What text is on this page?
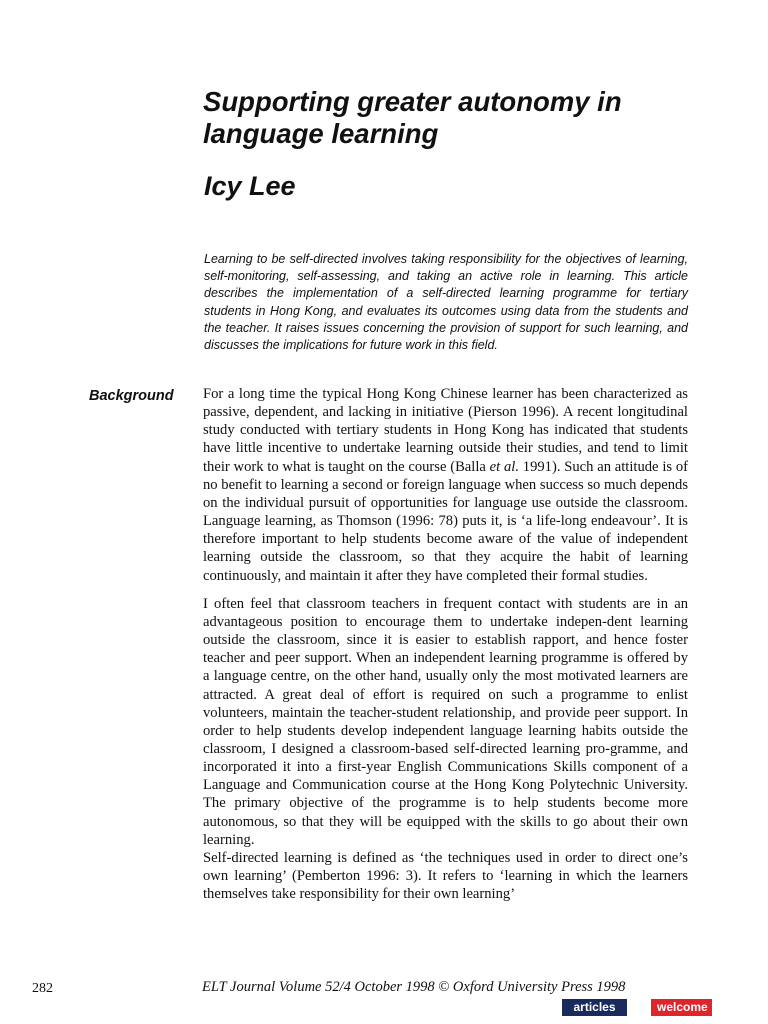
Supporting greater autonomy in language learning
Icy Lee

Learning to be self-directed involves taking responsibility for the objectives of learning, self-monitoring, self-assessing, and taking an active role in learning. This article describes the implementation of a self-directed learning programme for tertiary students in Hong Kong, and evaluates its outcomes using data from the students and the teacher. It raises issues concerning the provision of support for such learning, and discusses the implications for future work in this field.

Background For a long time the typical Hong Kong Chinese learner has been characterized as passive, dependent, and lacking in initiative (Pierson 1996). A recent longitudinal study conducted with tertiary students in Hong Kong has indicated that students have little incentive to undertake learning outside their studies, and tend to limit their work to what is taught on the course (Balla et al. 1991). Such an attitude is of no benefit to learning a second or foreign language when success so much depends on the individual pursuit of opportunities for language use outside the classroom. Language learning, as Thomson (1996: 78) puts it, is ‘a life-long endeavour’. It is therefore important to help students become aware of the value of independent learning outside the classroom, so that they acquire the habit of learning continuously, and maintain it after they have completed their formal studies.

I often feel that classroom teachers in frequent contact with students are in an advantageous position to encourage them to undertake indepen-dent learning outside the classroom, since it is easier to establish rapport, and hence foster teacher and peer support. When an independent learning programme is offered by a language centre, on the other hand, usually only the most motivated learners are attracted. A great deal of effort is required on such a programme to enlist volunteers, maintain the teacher-student relationship, and provide peer support. In order to help students develop independent language learning habits outside the classroom, I designed a classroom-based self-directed learning pro-gramme, and incorporated it into a first-year English Communications Skills component of a Language and Communication course at the Hong Kong Polytechnic University. The primary objective of the programme is to help students become more autonomous, so that they will be equipped with the skills to go about their own learning.

Self-directed learning is defined as ‘the techniques used in order to direct one’s own learning’ (Pemberton 1996: 3). It refers to ‘learning in which the learners themselves take responsibility for their own learning’

282	ELT Journal Volume 52/4 October 1998 © Oxford University Press 1998
articles	welcome
